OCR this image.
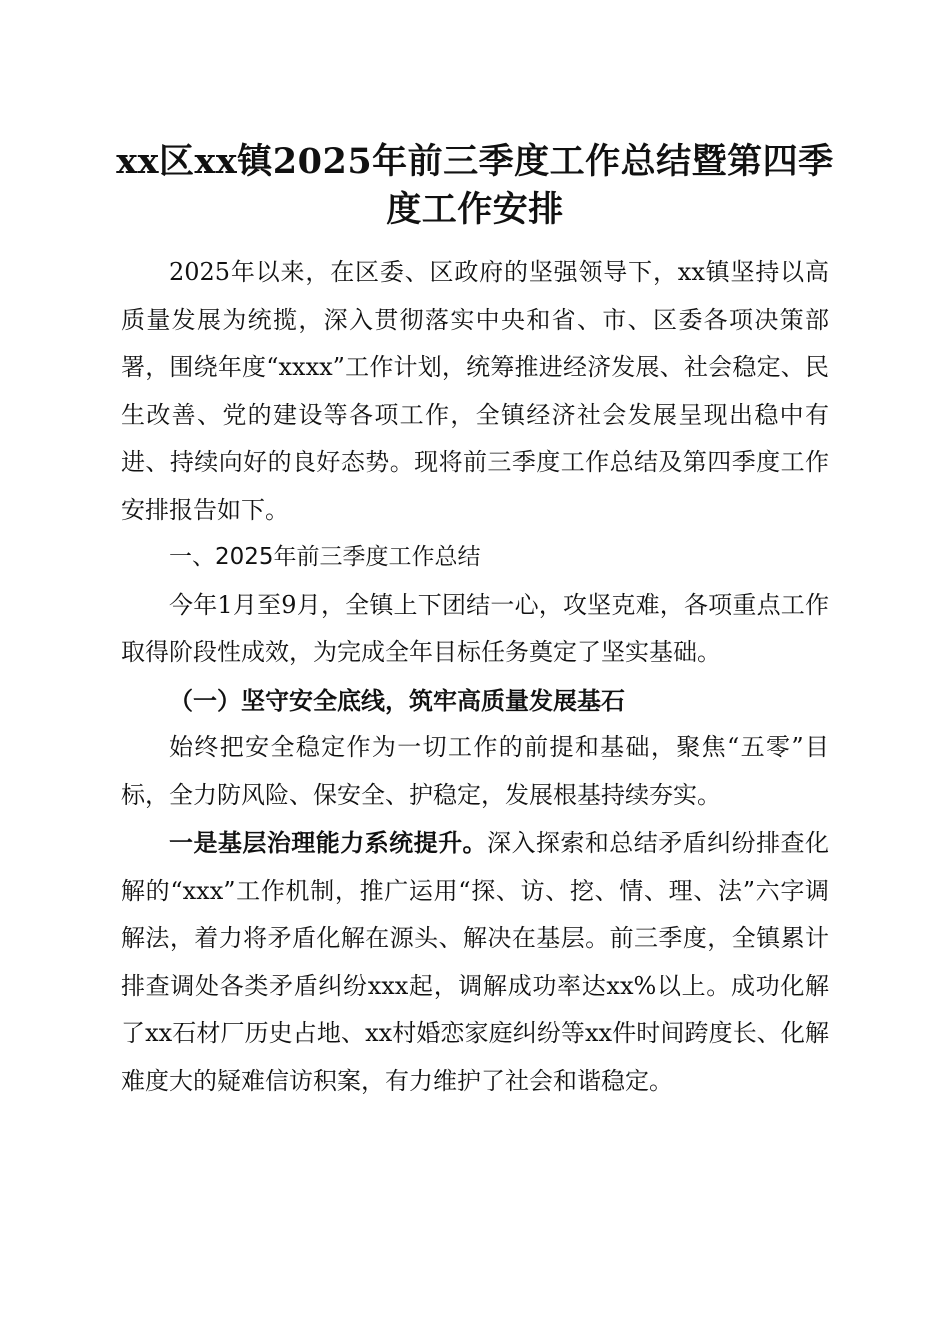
xx区xx镇2025年前三季度工作总结暨第四季
度工作安排

2025年以来，在区委、区政府的坚强领导下，xx镇坚持以高质量发展为统揽，深入贯彻落实中央和省、市、区委各项决策部署，围绕年度“xxxx”工作计划，统筹推进经济发展、社会稳定、民生改善、党的建设等各项工作，全镇经济社会发展呈现出稳中有进、持续向好的良好态势。现将前三季度工作总结及第四季度工作安排报告如下。

一、2025年前三季度工作总结

今年1月至9月，全镇上下团结一心，攻坚克难，各项重点工作取得阶段性成效，为完成全年目标任务奠定了坚实基础。

（一）坚守安全底线，筑牢高质量发展基石

始终把安全稳定作为一切工作的前提和基础，聚焦“五零”目标，全力防风险、保安全、护稳定，发展根基持续夯实。

一是基层治理能力系统提升。深入探索和总结矛盾纠纷排查化解的“xxx”工作机制，推广运用“探、访、挖、情、理、法”六字调解法，着力将矛盾化解在源头、解决在基层。前三季度，全镇累计排查调处各类矛盾纠纷xxx起，调解成功率达xx%以上。成功化解了xx石材厂历史占地、xx村婚恋家庭纠纷等xx件时间跨度长、化解难度大的疑难信访积案，有力维护了社会和谐稳定。
